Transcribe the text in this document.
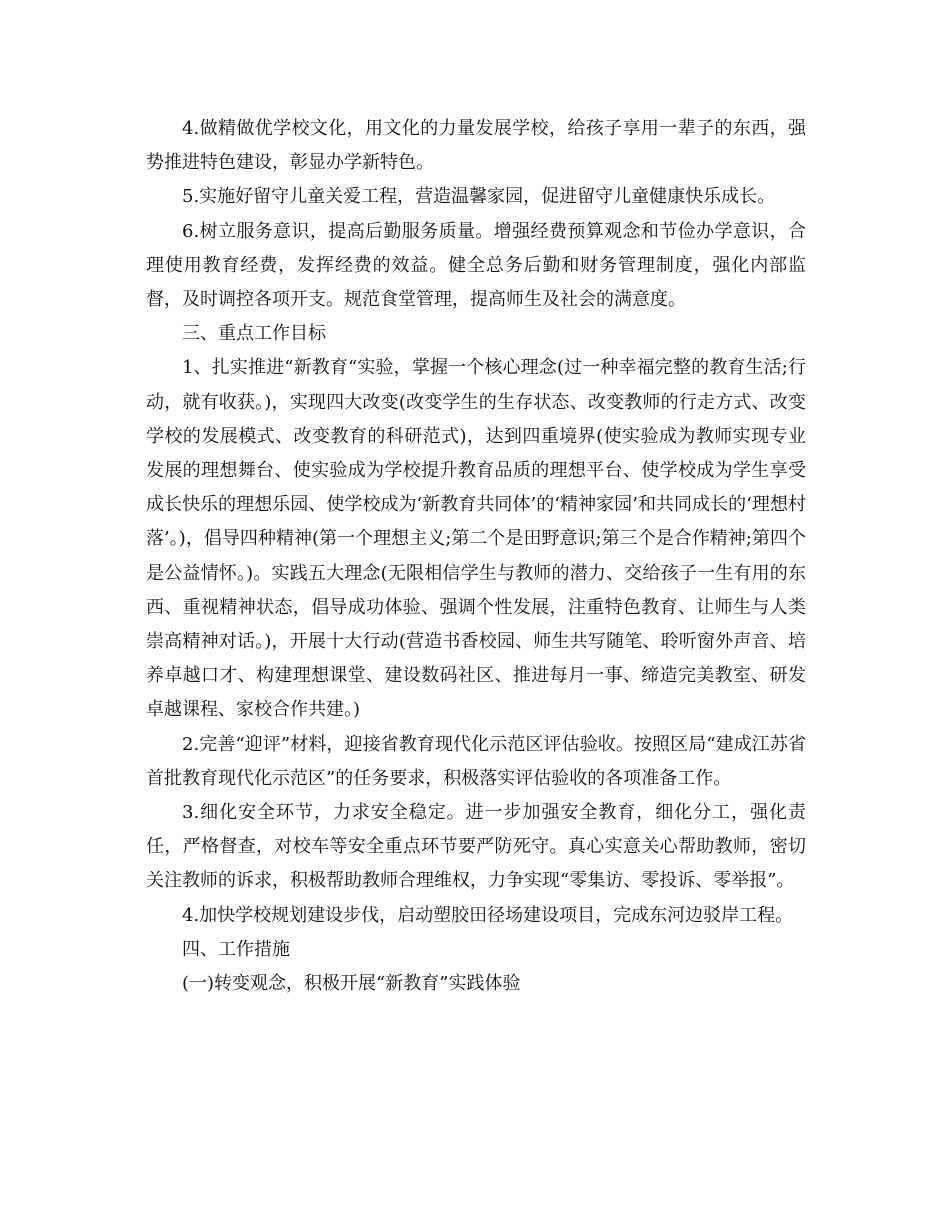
4.做精做优学校文化，用文化的力量发展学校，给孩子享用一辈子的东西，强势推进特色建设，彰显办学新特色。

5.实施好留守儿童关爱工程，营造温馨家园，促进留守儿童健康快乐成长。

6.树立服务意识，提高后勤服务质量。增强经费预算观念和节俭办学意识，合理使用教育经费，发挥经费的效益。健全总务后勤和财务管理制度，强化内部监督，及时调控各项开支。规范食堂管理，提高师生及社会的满意度。

三、重点工作目标

1、扎实推进“新教育“实验，掌握一个核心理念(过一种幸福完整的教育生活;行动，就有收获。)，实现四大改变(改变学生的生存状态、改变教师的行走方式、改变学校的发展模式、改变教育的科研范式)，达到四重境界(使实验成为教师实现专业发展的理想舞台、使实验成为学校提升教育品质的理想平台、使学校成为学生享受成长快乐的理想乐园、使学校成为‘新教育共同体’的‘精神家园’和共同成长的‘理想村落’。)，倡导四种精神(第一个理想主义;第二个是田野意识;第三个是合作精神;第四个是公益情怀。)。实践五大理念(无限相信学生与教师的潜力、交给孩子一生有用的东西、重视精神状态，倡导成功体验、强调个性发展，注重特色教育、让师生与人类崇高精神对话。)，开展十大行动(营造书香校园、师生共写随笔、聆听窗外声音、培养卓越口才、构建理想课堂、建设数码社区、推进每月一事、缔造完美教室、研发卓越课程、家校合作共建。)

2.完善“迎评”材料，迎接省教育现代化示范区评估验收。按照区局“建成江苏省首批教育现代化示范区”的任务要求，积极落实评估验收的各项准备工作。

3.细化安全环节，力求安全稳定。进一步加强安全教育，细化分工，强化责任，严格督查，对校车等安全重点环节要严防死守。真心实意关心帮助教师，密切关注教师的诉求，积极帮助教师合理维权，力争实现“零集访、零投诉、零举报”。

4.加快学校规划建设步伐，启动塑胶田径场建设项目，完成东河边驳岸工程。

四、工作措施

(一)转变观念，积极开展“新教育”实践体验
